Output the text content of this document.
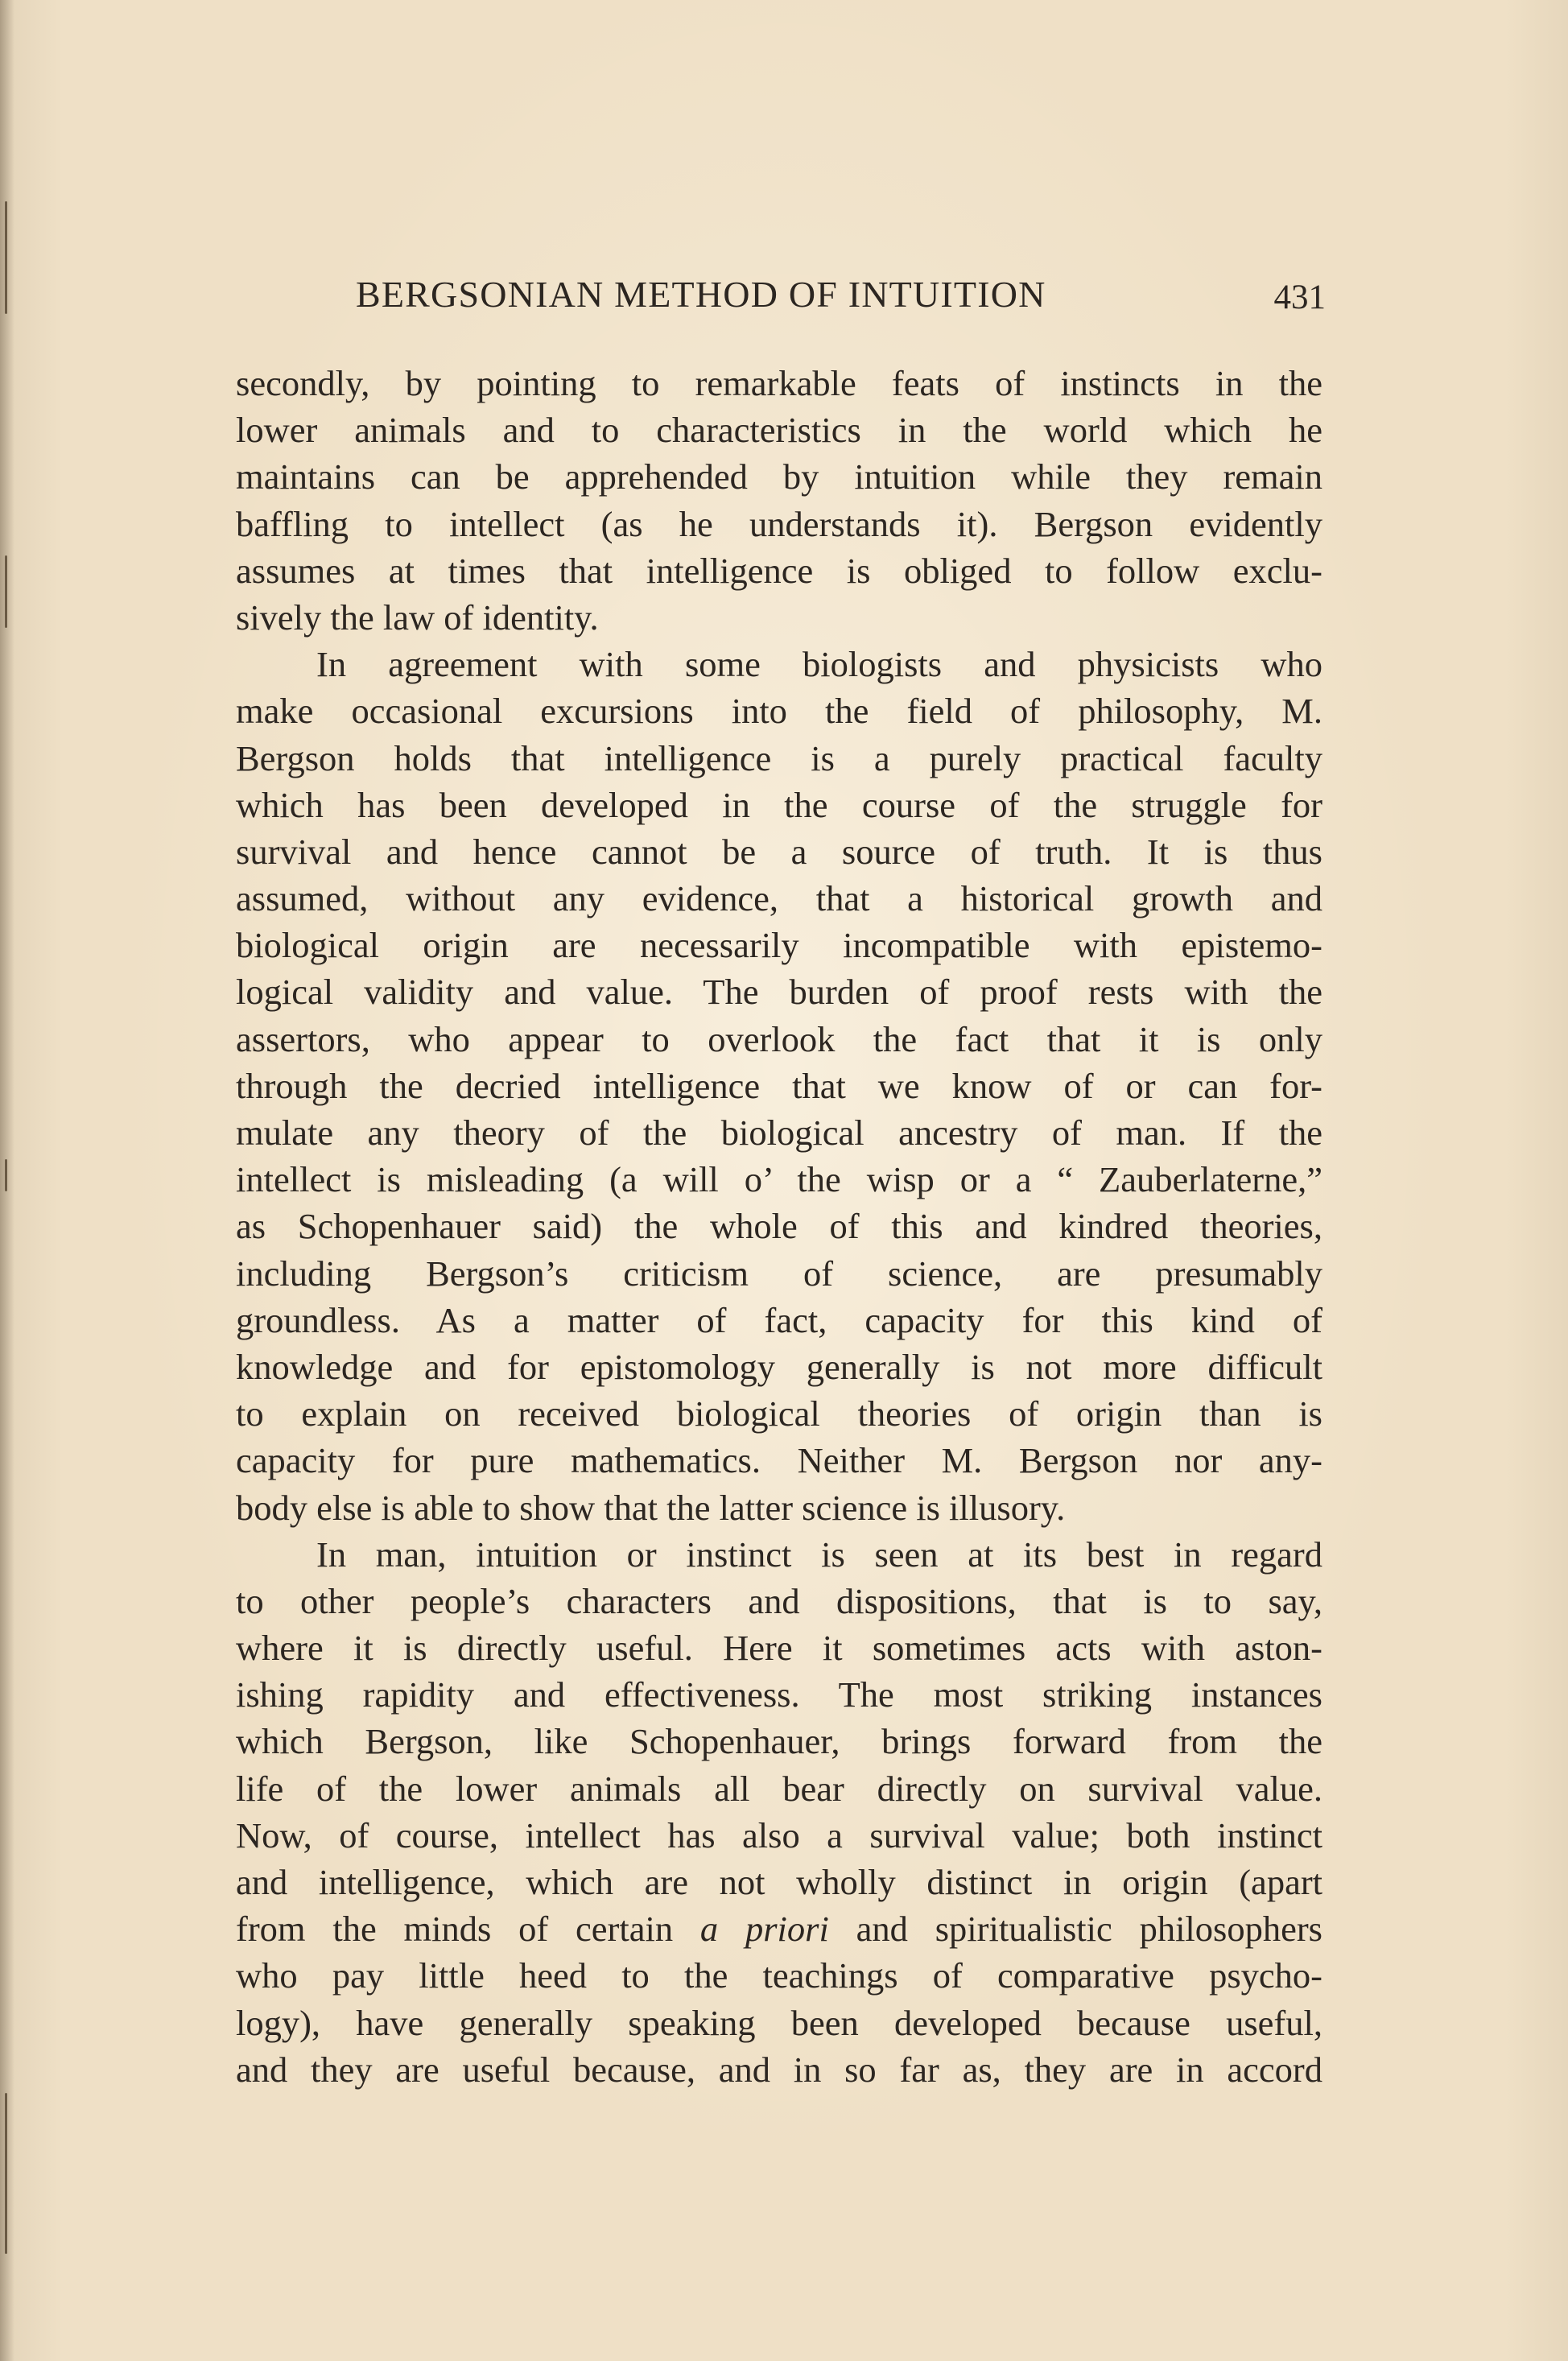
BERGSONIAN METHOD OF INTUITION	431
secondly, by pointing to remarkable feats of instincts in the
lower animals and to characteristics in the world which he
maintains can be apprehended by intuition while they remain
baffling to intellect (as he understands it). Bergson evidently
assumes at times that intelligence is obliged to follow exclu-
sively the law of identity.
In agreement with some biologists and physicists who
make occasional excursions into the field of philosophy, M.
Bergson holds that intelligence is a purely practical faculty
which has been developed in the course of the struggle for
survival and hence cannot be a source of truth. It is thus
assumed, without any evidence, that a historical growth and
biological origin are necessarily incompatible with epistemo-
logical validity and value. The burden of proof rests with the
assertors, who appear to overlook the fact that it is only
through the decried intelligence that we know of or can for-
mulate any theory of the biological ancestry of man. If the
intellect is misleading (a will o’ the wisp or a “ Zauberlaterne,”
as Schopenhauer said) the whole of this and kindred theories,
including Bergson’s criticism of science, are presumably
groundless. As a matter of fact, capacity for this kind of
knowledge and for epistomology generally is not more difficult
to explain on received biological theories of origin than is
capacity for pure mathematics. Neither M. Bergson nor any-
body else is able to show that the latter science is illusory.
In man, intuition or instinct is seen at its best in regard
to other people’s characters and dispositions, that is to say,
where it is directly useful. Here it sometimes acts with aston-
ishing rapidity and effectiveness. The most striking instances
which Bergson, like Schopenhauer, brings forward from the
life of the lower animals all bear directly on survival value.
Now, of course, intellect has also a survival value; both instinct
and intelligence, which are not wholly distinct in origin (apart
from the minds of certain a priori and spiritualistic philosophers
who pay little heed to the teachings of comparative psycho-
logy), have generally speaking been developed because useful,
and they are useful because, and in so far as, they are in accord
